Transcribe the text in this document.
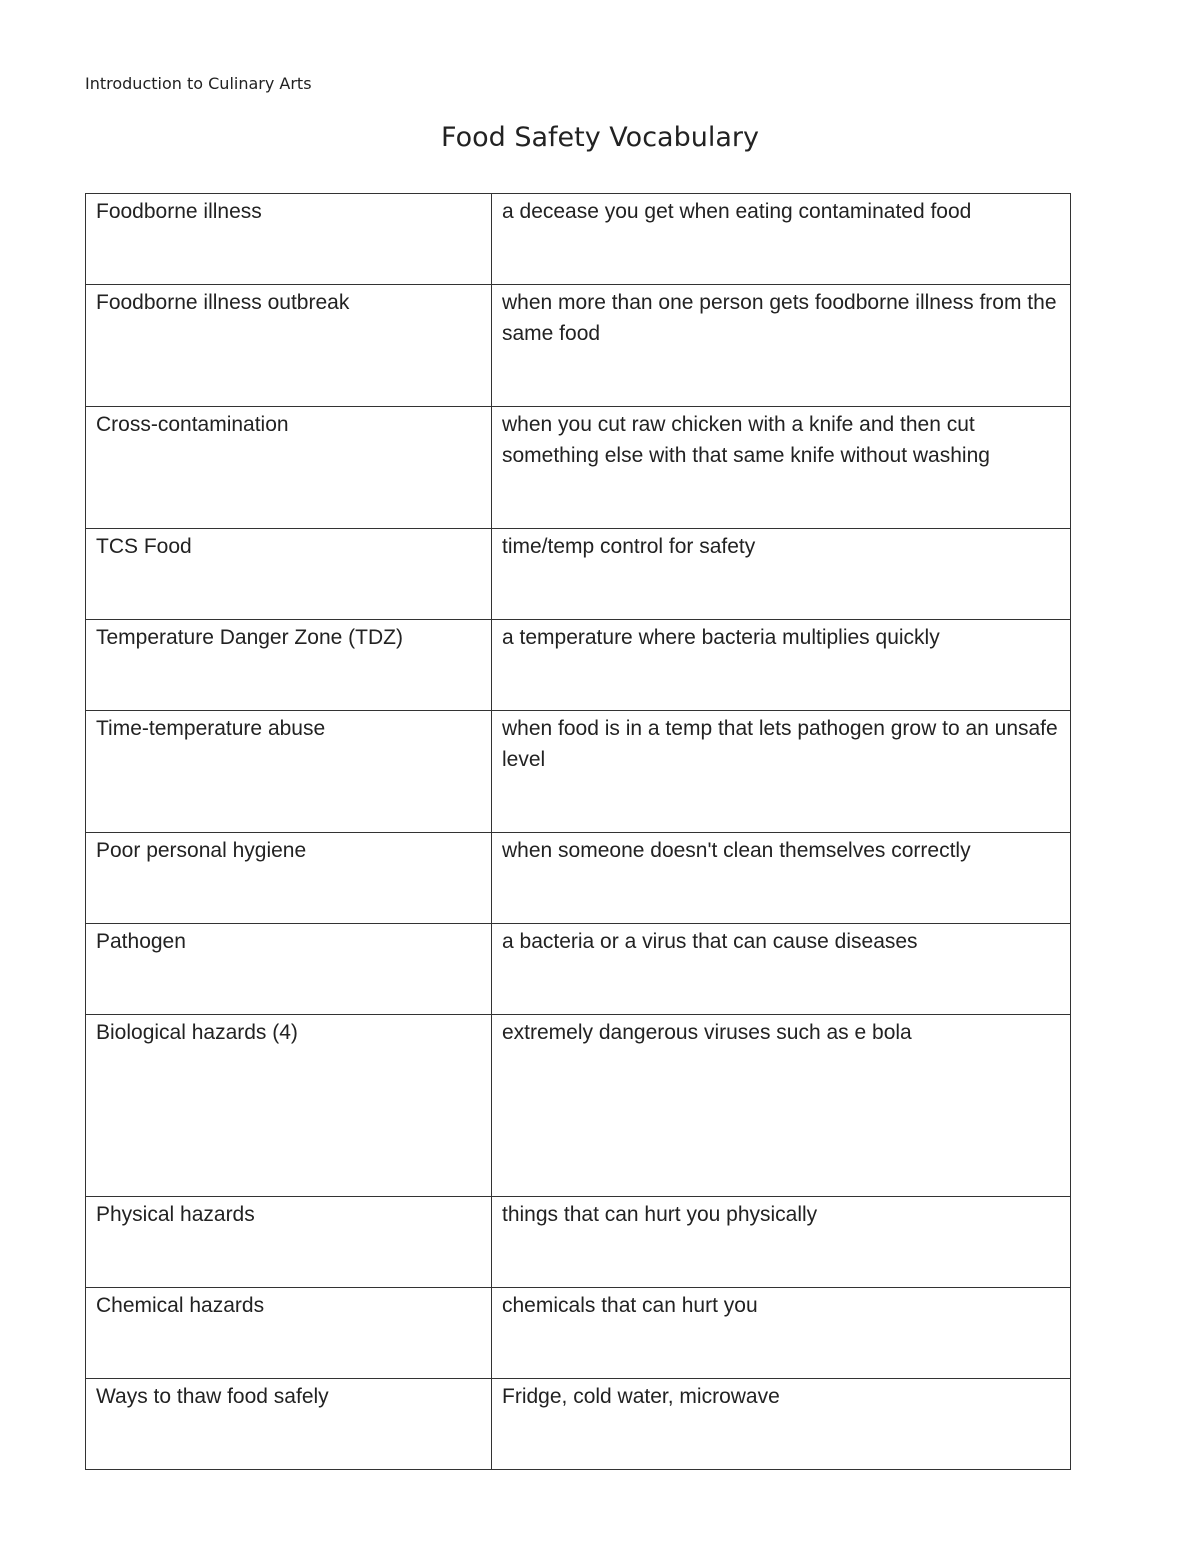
Introduction to Culinary Arts
Food Safety Vocabulary
Foodborne illness	a decease you get when eating contaminated food
Foodborne illness outbreak	when more than one person gets foodborne illness from the same food
Cross-contamination	when you cut raw chicken with a knife and then cut something else with that same knife without washing
TCS Food	time/temp control for safety
Temperature Danger Zone (TDZ)	a temperature where bacteria multiplies quickly
Time-temperature abuse	when food is in a temp that lets pathogen grow to an unsafe level
Poor personal hygiene	when someone doesn't clean themselves correctly
Pathogen	a bacteria or a virus that can cause diseases
Biological hazards (4)	extremely dangerous viruses such as e bola
Physical hazards	things that can hurt you physically
Chemical hazards	chemicals that can hurt you
Ways to thaw food safely	Fridge, cold water, microwave
